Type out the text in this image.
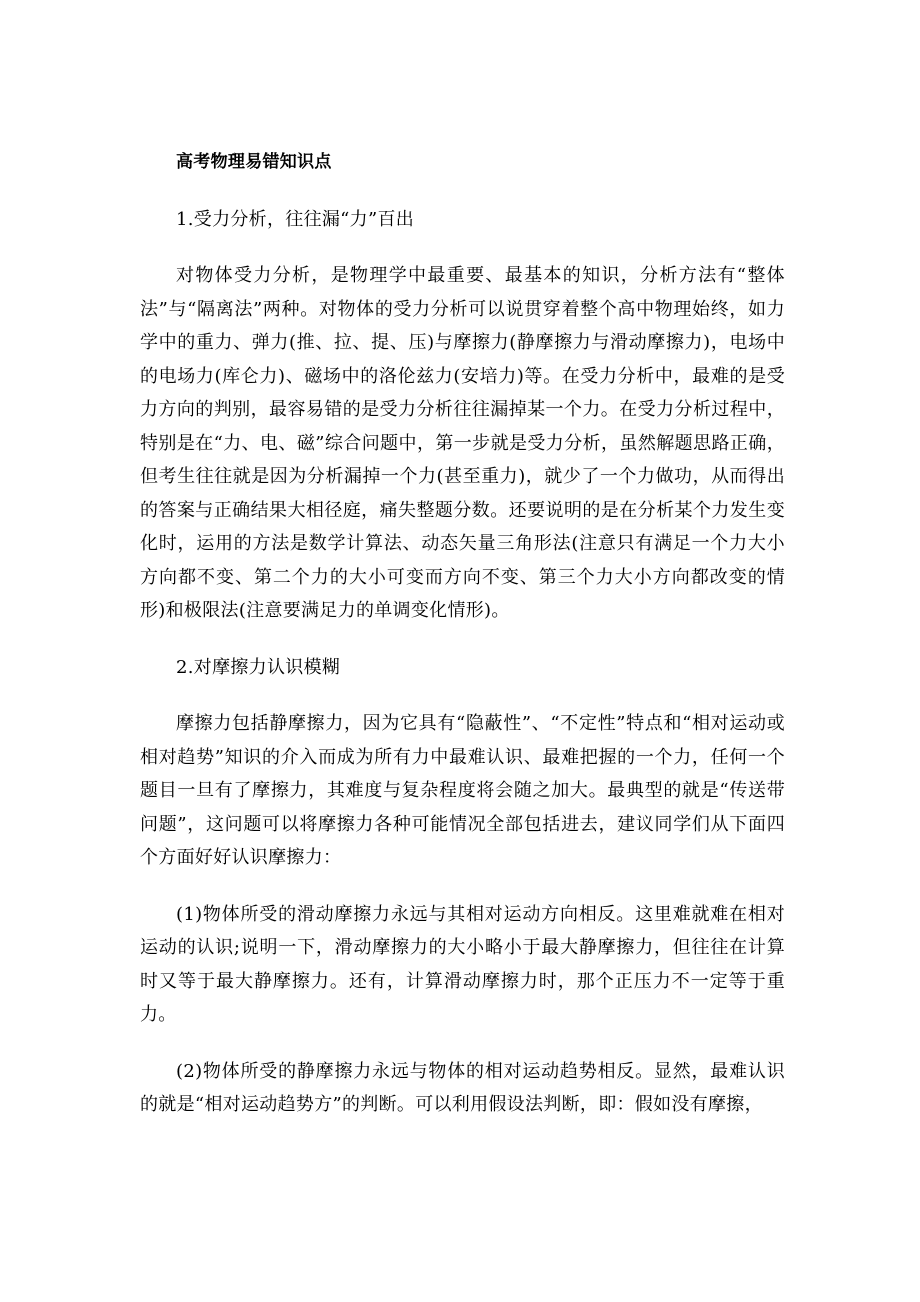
高考物理易错知识点
1.受力分析，往往漏“力”百出
对物体受力分析，是物理学中最重要、最基本的知识，分析方法有“整体法”与“隔离法”两种。对物体的受力分析可以说贯穿着整个高中物理始终，如力学中的重力、弹力(推、拉、提、压)与摩擦力(静摩擦力与滑动摩擦力)，电场中的电场力(库仑力)、磁场中的洛伦兹力(安培力)等。在受力分析中，最难的是受力方向的判别，最容易错的是受力分析往往漏掉某一个力。在受力分析过程中，特别是在“力、电、磁”综合问题中，第一步就是受力分析，虽然解题思路正确，但考生往往就是因为分析漏掉一个力(甚至重力)，就少了一个力做功，从而得出的答案与正确结果大相径庭，痛失整题分数。还要说明的是在分析某个力发生变化时，运用的方法是数学计算法、动态矢量三角形法(注意只有满足一个力大小方向都不变、第二个力的大小可变而方向不变、第三个力大小方向都改变的情形)和极限法(注意要满足力的单调变化情形)。
2.对摩擦力认识模糊
摩擦力包括静摩擦力，因为它具有“隐蔽性”、“不定性”特点和“相对运动或相对趋势”知识的介入而成为所有力中最难认识、最难把握的一个力，任何一个题目一旦有了摩擦力，其难度与复杂程度将会随之加大。最典型的就是“传送带问题”，这问题可以将摩擦力各种可能情况全部包括进去，建议同学们从下面四个方面好好认识摩擦力：
(1)物体所受的滑动摩擦力永远与其相对运动方向相反。这里难就难在相对运动的认识;说明一下，滑动摩擦力的大小略小于最大静摩擦力，但往往在计算时又等于最大静摩擦力。还有，计算滑动摩擦力时，那个正压力不一定等于重力。
(2)物体所受的静摩擦力永远与物体的相对运动趋势相反。显然，最难认识的就是“相对运动趋势方”的判断。可以利用假设法判断，即：假如没有摩擦，
